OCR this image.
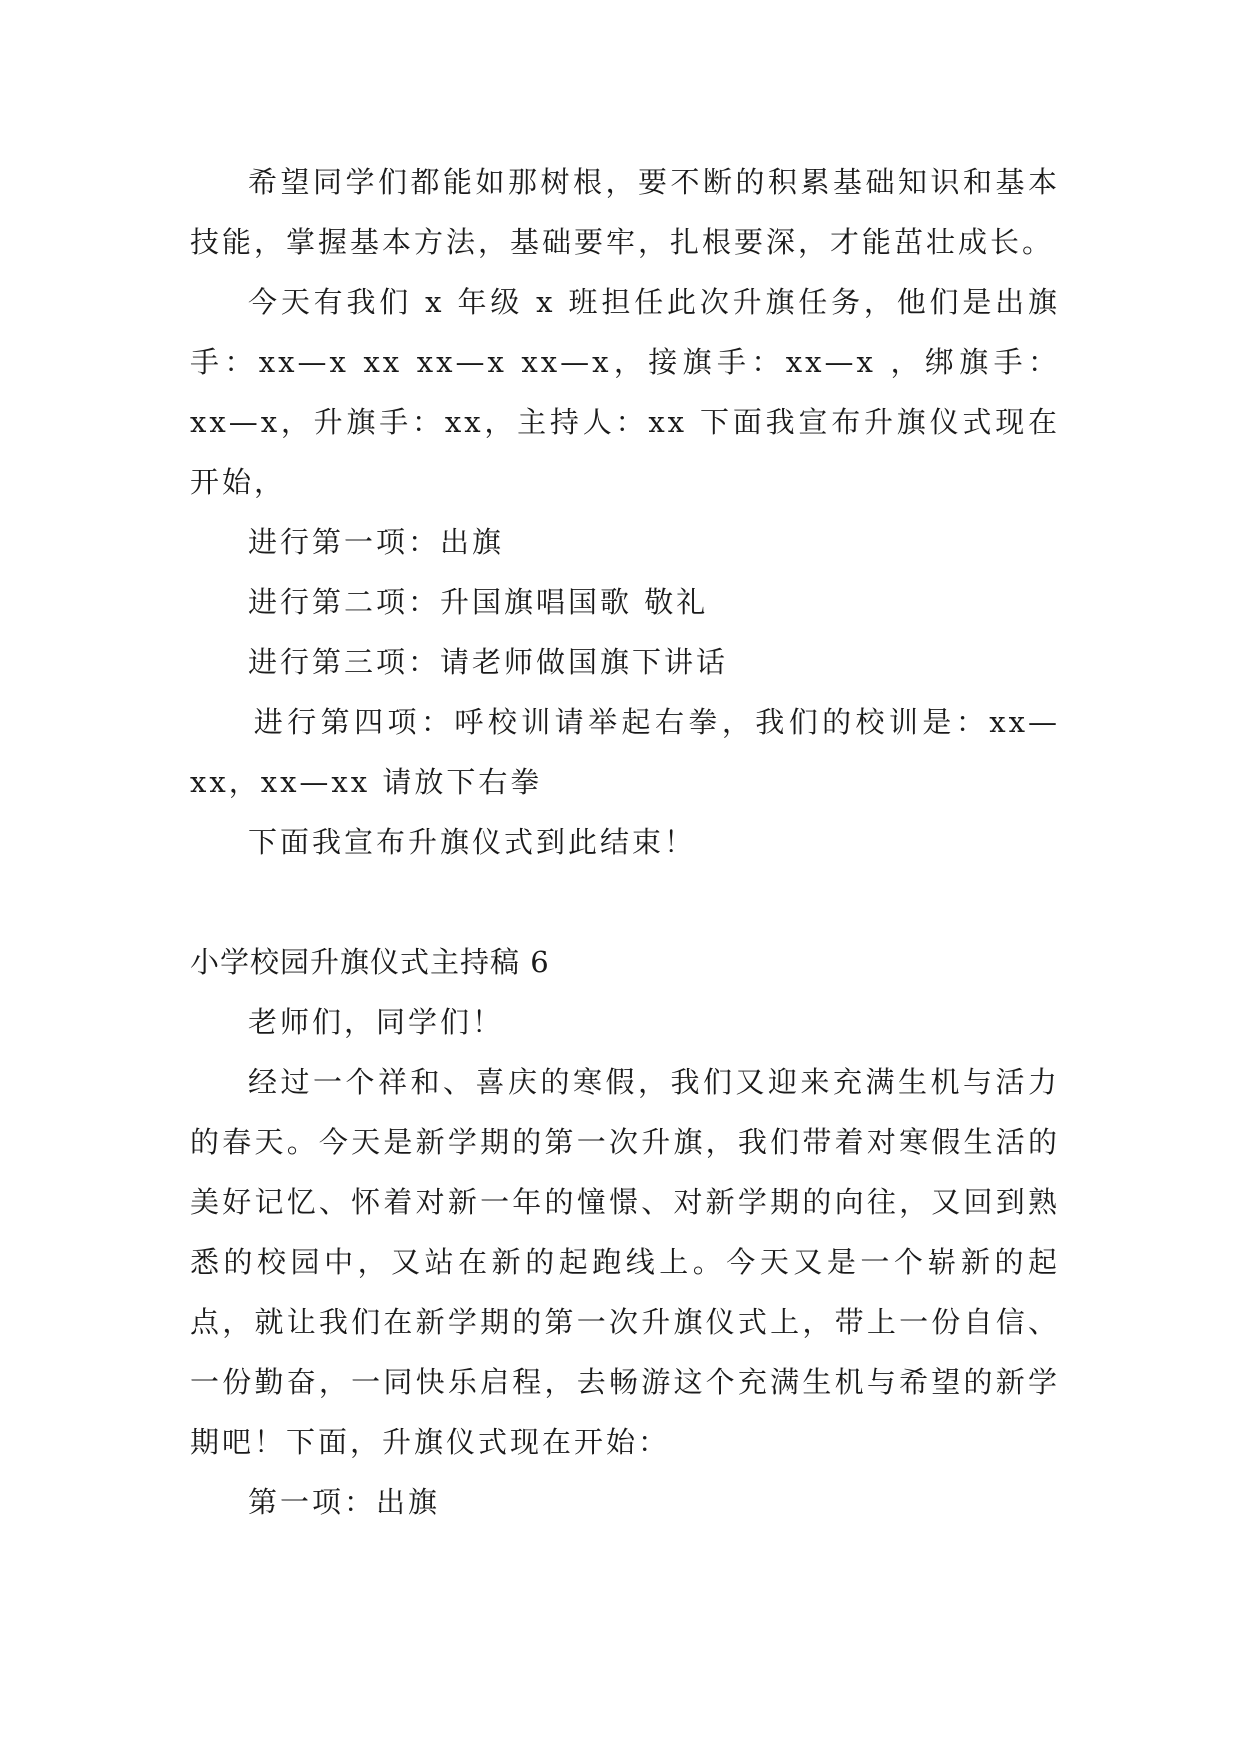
希望同学们都能如那树根，要不断的积累基础知识和基本技能，掌握基本方法，基础要牢，扎根要深，才能茁壮成长。

今天有我们 x 年级 x 班担任此次升旗任务，他们是出旗手：xx—x xx xx—x xx—x，接旗手：xx—x ，绑旗手：xx—x，升旗手：xx，主持人：xx 下面我宣布升旗仪式现在开始，

进行第一项：出旗

进行第二项：升国旗唱国歌 敬礼

进行第三项：请老师做国旗下讲话

进行第四项：呼校训请举起右拳，我们的校训是：xx—xx，xx—xx 请放下右拳

下面我宣布升旗仪式到此结束！

小学校园升旗仪式主持稿 6

老师们，同学们！

经过一个祥和、喜庆的寒假，我们又迎来充满生机与活力的春天。今天是新学期的第一次升旗，我们带着对寒假生活的美好记忆、怀着对新一年的憧憬、对新学期的向往，又回到熟悉的校园中，又站在新的起跑线上。今天又是一个崭新的起点，就让我们在新学期的第一次升旗仪式上，带上一份自信、一份勤奋，一同快乐启程，去畅游这个充满生机与希望的新学期吧！下面，升旗仪式现在开始：

第一项：出旗
